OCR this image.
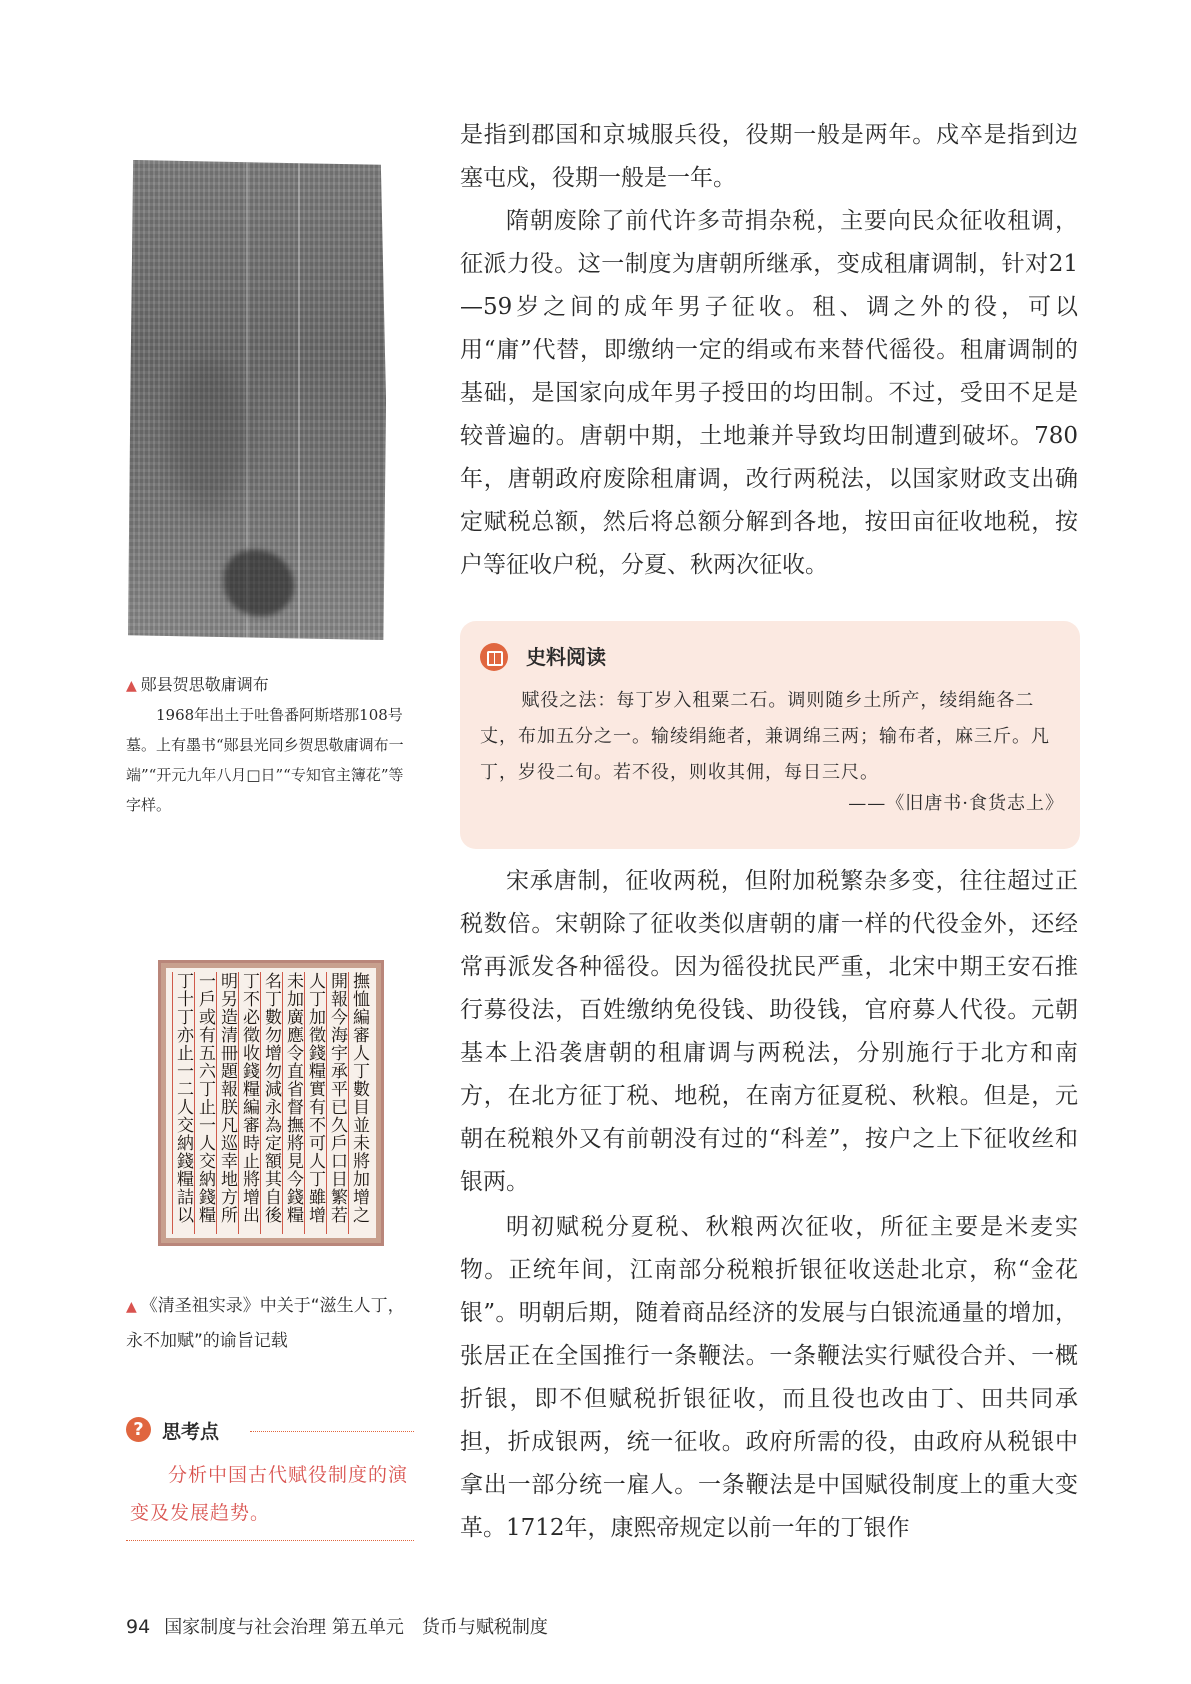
▲ 郧县贺思敬庸调布
1968年出土于吐鲁番阿斯塔那108号墓。上有墨书“郧县光同乡贺思敬庸调布一端”“开元九年八月□日”“专知官主簿花”等字样。
撫恤編審人丁數目並未將加增之
開報今海宇承平已久戶口日繁若
人丁加徵錢糧實有不可人丁雖增
未加廣應令直省督撫將見今錢糧
名丁數勿增勿減永為定額其自後
丁不必徵收錢糧編審時止將增出
明另造清冊題報朕凡巡幸地方所
一戶或有五六丁止一人交納錢糧
丁十丁亦止一二人交納錢糧詰以
▲ 《清圣祖实录》中关于“滋生人丁，永不加赋”的谕旨记载
? 思考点
分析中国古代赋役制度的演变及发展趋势。
是指到郡国和京城服兵役，役期一般是两年。戍卒是指到边塞屯戍，役期一般是一年。
隋朝废除了前代许多苛捐杂税，主要向民众征收租调，征派力役。这一制度为唐朝所继承，变成租庸调制，针对21—59岁之间的成年男子征收。租、调之外的役，可以用“庸”代替，即缴纳一定的绢或布来替代徭役。租庸调制的基础，是国家向成年男子授田的均田制。不过，受田不足是较普遍的。唐朝中期，土地兼并导致均田制遭到破坏。780年，唐朝政府废除租庸调，改行两税法，以国家财政支出确定赋税总额，然后将总额分解到各地，按田亩征收地税，按户等征收户税，分夏、秋两次征收。
史料阅读
赋役之法：每丁岁入租粟二石。调则随乡土所产，绫绢絁各二丈，布加五分之一。输绫绢絁者，兼调绵三两；输布者，麻三斤。凡丁，岁役二旬。若不役，则收其佣，每日三尺。
——《旧唐书·食货志上》
宋承唐制，征收两税，但附加税繁杂多变，往往超过正税数倍。宋朝除了征收类似唐朝的庸一样的代役金外，还经常再派发各种徭役。因为徭役扰民严重，北宋中期王安石推行募役法，百姓缴纳免役钱、助役钱，官府募人代役。元朝基本上沿袭唐朝的租庸调与两税法，分别施行于北方和南方，在北方征丁税、地税，在南方征夏税、秋粮。但是，元朝在税粮外又有前朝没有过的“科差”，按户之上下征收丝和银两。
明初赋税分夏税、秋粮两次征收，所征主要是米麦实物。正统年间，江南部分税粮折银征收送赴北京，称“金花银”。明朝后期，随着商品经济的发展与白银流通量的增加，张居正在全国推行一条鞭法。一条鞭法实行赋役合并、一概折银，即不但赋税折银征收，而且役也改由丁、田共同承担，折成银两，统一征收。政府所需的役，由政府从税银中拿出一部分统一雇人。一条鞭法是中国赋役制度上的重大变革。1712年，康熙帝规定以前一年的丁银作
94 国家制度与社会治理 第五单元　货币与赋税制度
